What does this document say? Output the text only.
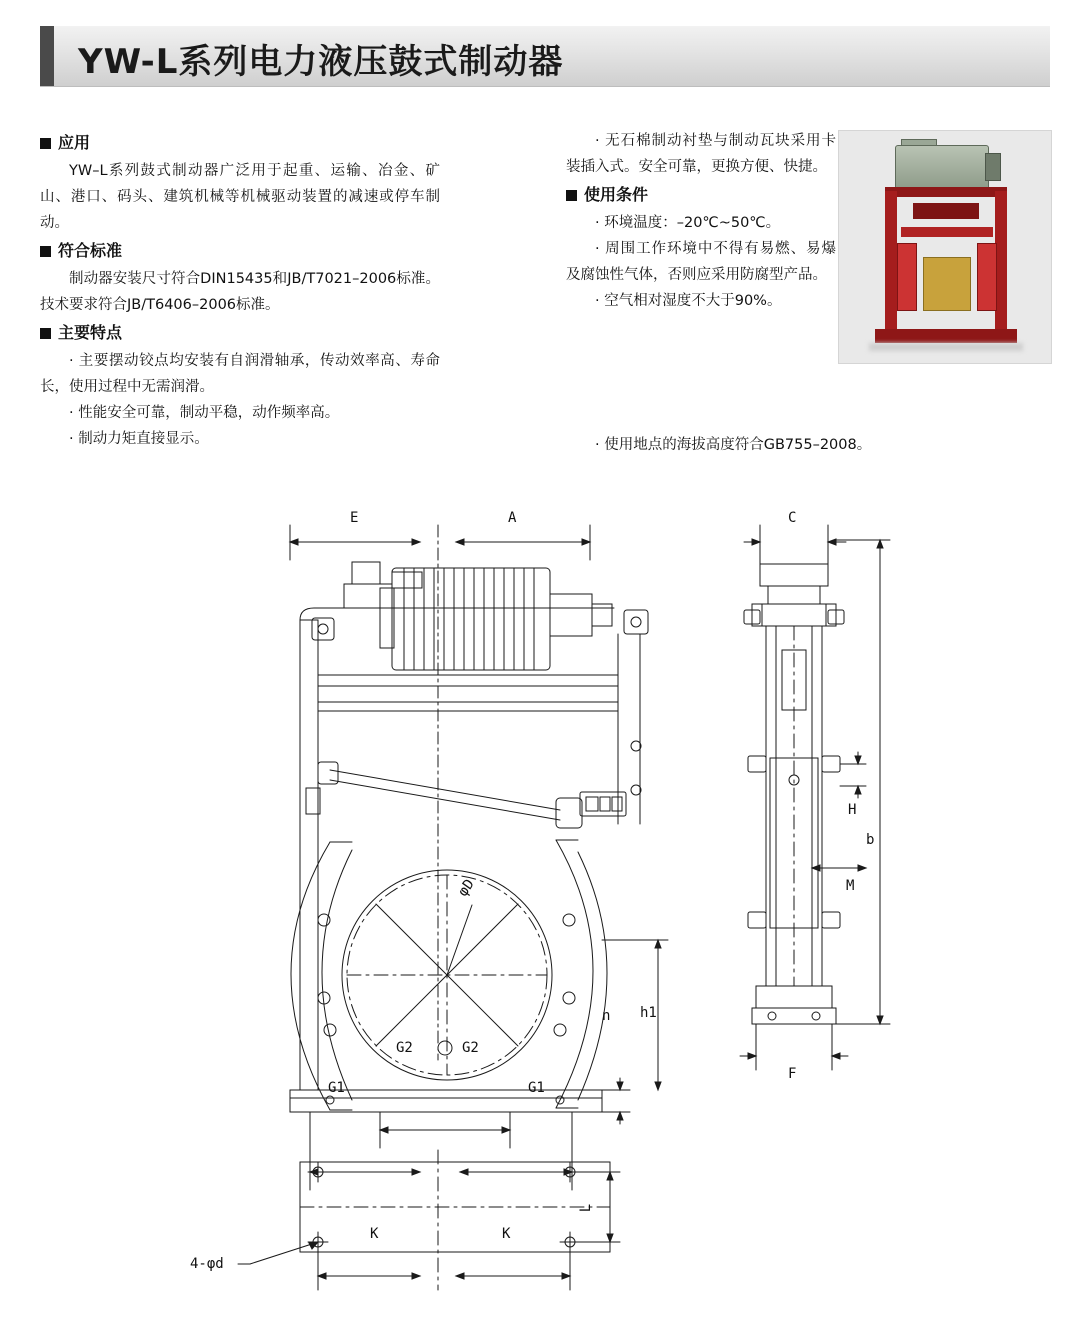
YW-L系列电力液压鼓式制动器
应用

YW–L系列鼓式制动器广泛用于起重、运输、冶金、矿山、港口、码头、建筑机械等机械驱动装置的减速或停车制动。

符合标准

制动器安装尺寸符合DIN15435和JB/T7021–2006标准。技术要求符合JB/T6406–2006标准。

主要特点

· 主要摆动铰点均安装有自润滑轴承，传动效率高、寿命长，使用过程中无需润滑。

· 性能安全可靠，制动平稳，动作频率高。

· 制动力矩直接显示。

· 无石棉制动衬垫与制动瓦块采用卡装插入式。安全可靠，更换方便、快捷。

使用条件

· 环境温度：–20℃~50℃。

· 周围工作环境中不得有易燃、易爆及腐蚀性气体，否则应采用防腐型产品。

· 空气相对湿度不大于90%。

· 使用地点的海拔高度符合GB755–2008。

E	A	C
φD
H
b
M
h1
n
G1	G1
G2	G2
F
K	K
L
4-φd
